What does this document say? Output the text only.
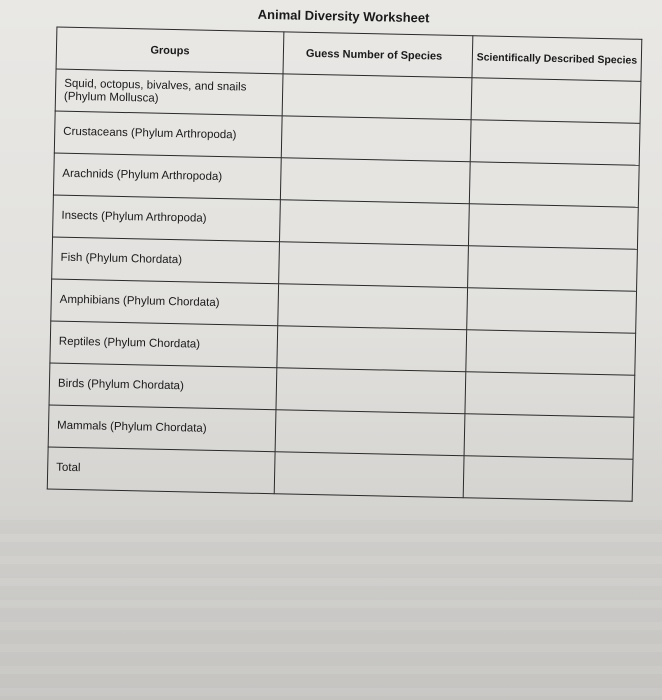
Animal Diversity Worksheet
Groups	Guess Number of Species	Scientifically Described Species
Squid, octopus, bivalves, and snails (Phylum Mollusca)		
Crustaceans (Phylum Arthropoda)		
Arachnids (Phylum Arthropoda)		
Insects (Phylum Arthropoda)		
Fish (Phylum Chordata)		
Amphibians (Phylum Chordata)		
Reptiles (Phylum Chordata)		
Birds (Phylum Chordata)		
Mammals (Phylum Chordata)		
Total		
